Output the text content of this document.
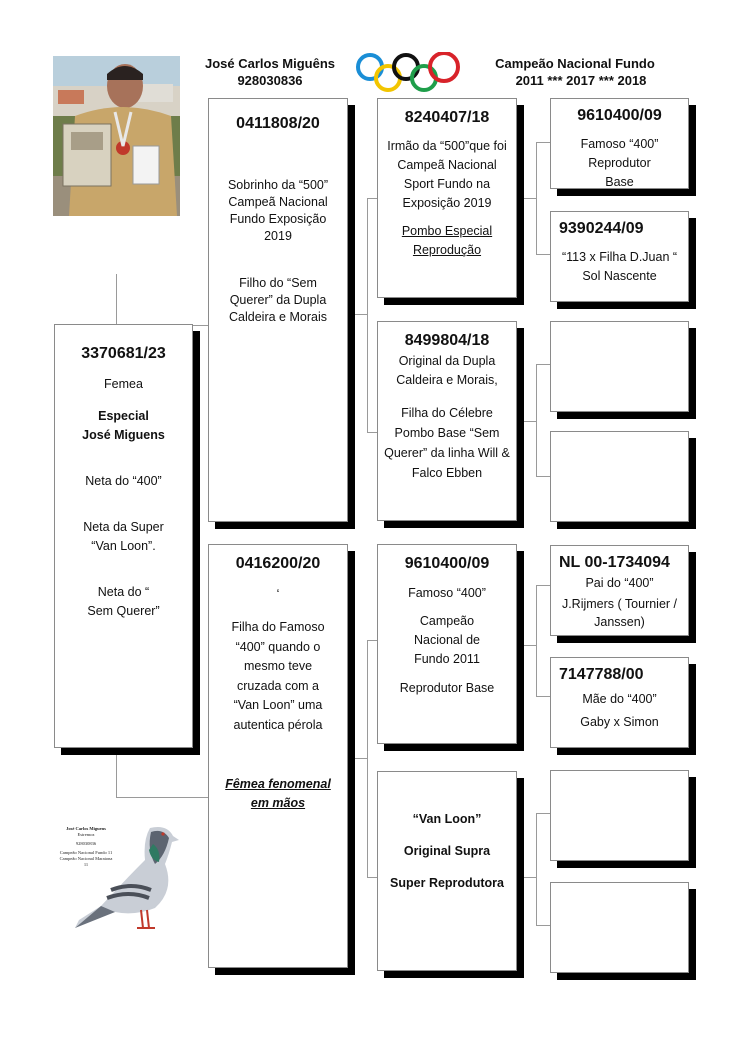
José Carlos Miguêns
928030836
Campeão Nacional Fundo
2011 *** 2017 *** 2018

3370681/23

Femea

Especial

José Miguens

Neta do “400”

Neta da Super “Van Loon”.

Neta do “ Sem Querer”

0411808/20

Sobrinho da “500” Campeã Nacional Fundo Exposição 2019

Filho do “Sem Querer” da Dupla Caldeira e Morais

0416200/20

‘

Filha do Famoso “400” quando o mesmo teve cruzada com a “Van Loon” uma autentica pérola

Fêmea fenomenal em mãos

8240407/18

Irmão da “500”que foi Campeã Nacional Sport Fundo na Exposição 2019

Pombo Especial Reprodução

8499804/18

Original da Dupla Caldeira e Morais,

Filha do Célebre Pombo Base “Sem Querer” da linha Will & Falco Ebben

9610400/09

Famoso “400”

Campeão Nacional de Fundo 2011

Reprodutor Base

“Van Loon”

Original Supra

Super Reprodutora

9610400/09

Famoso “400” Reprodutor Base

9390244/09

“113 x Filha D.Juan “ Sol Nascente

NL 00-1734094

Pai do “400”

J.Rijmers ( Tournier / Janssen)

7147788/00

Mãe do “400”

Gaby x Simon

José Carlos Miguens
Estremoz
928030836
Campeão Nacional Fundo 11
Campeão Nacional Maratona 11
